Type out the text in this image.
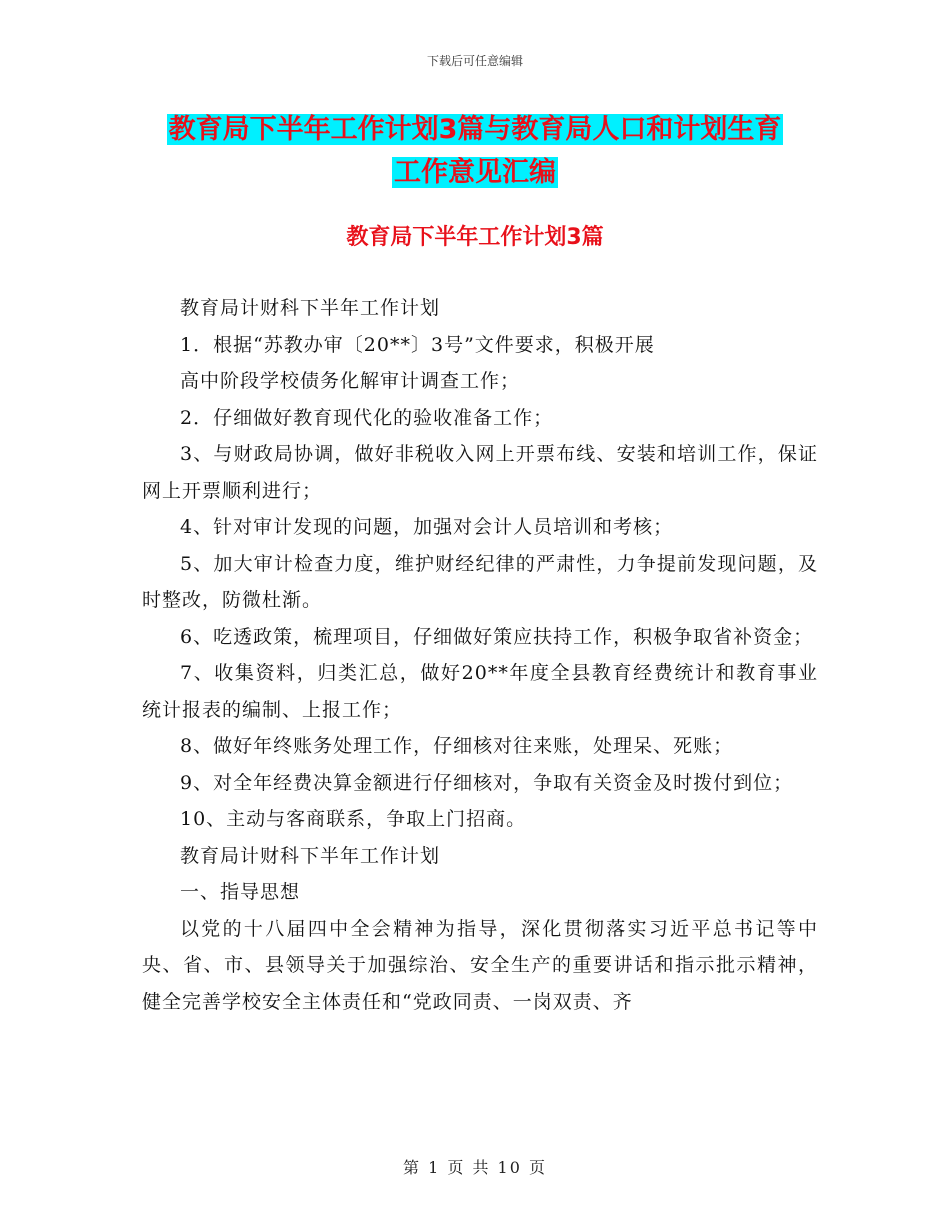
下载后可任意编辑
教育局下半年工作计划3篇与教育局人口和计划生育
工作意见汇编
教育局下半年工作计划3篇

教育局计财科下半年工作计划

1．根据“苏教办审〔20**〕3号”文件要求，积极开展

高中阶段学校债务化解审计调查工作；

2．仔细做好教育现代化的验收准备工作；

3、与财政局协调，做好非税收入网上开票布线、安装和培训工作，保证网上开票顺利进行；

4、针对审计发现的问题，加强对会计人员培训和考核；

5、加大审计检查力度，维护财经纪律的严肃性，力争提前发现问题，及时整改，防微杜渐。

6、吃透政策，梳理项目，仔细做好策应扶持工作，积极争取省补资金；

7、收集资料，归类汇总，做好20**年度全县教育经费统计和教育事业统计报表的编制、上报工作；

8、做好年终账务处理工作，仔细核对往来账，处理呆、死账；

9、对全年经费决算金额进行仔细核对，争取有关资金及时拨付到位；

10、主动与客商联系，争取上门招商。

教育局计财科下半年工作计划

一、指导思想

以党的十八届四中全会精神为指导，深化贯彻落实习近平总书记等中央、省、市、县领导关于加强综治、安全生产的重要讲话和指示批示精神，健全完善学校安全主体责任和“党政同责、一岗双责、齐

第 1 页 共 10 页
